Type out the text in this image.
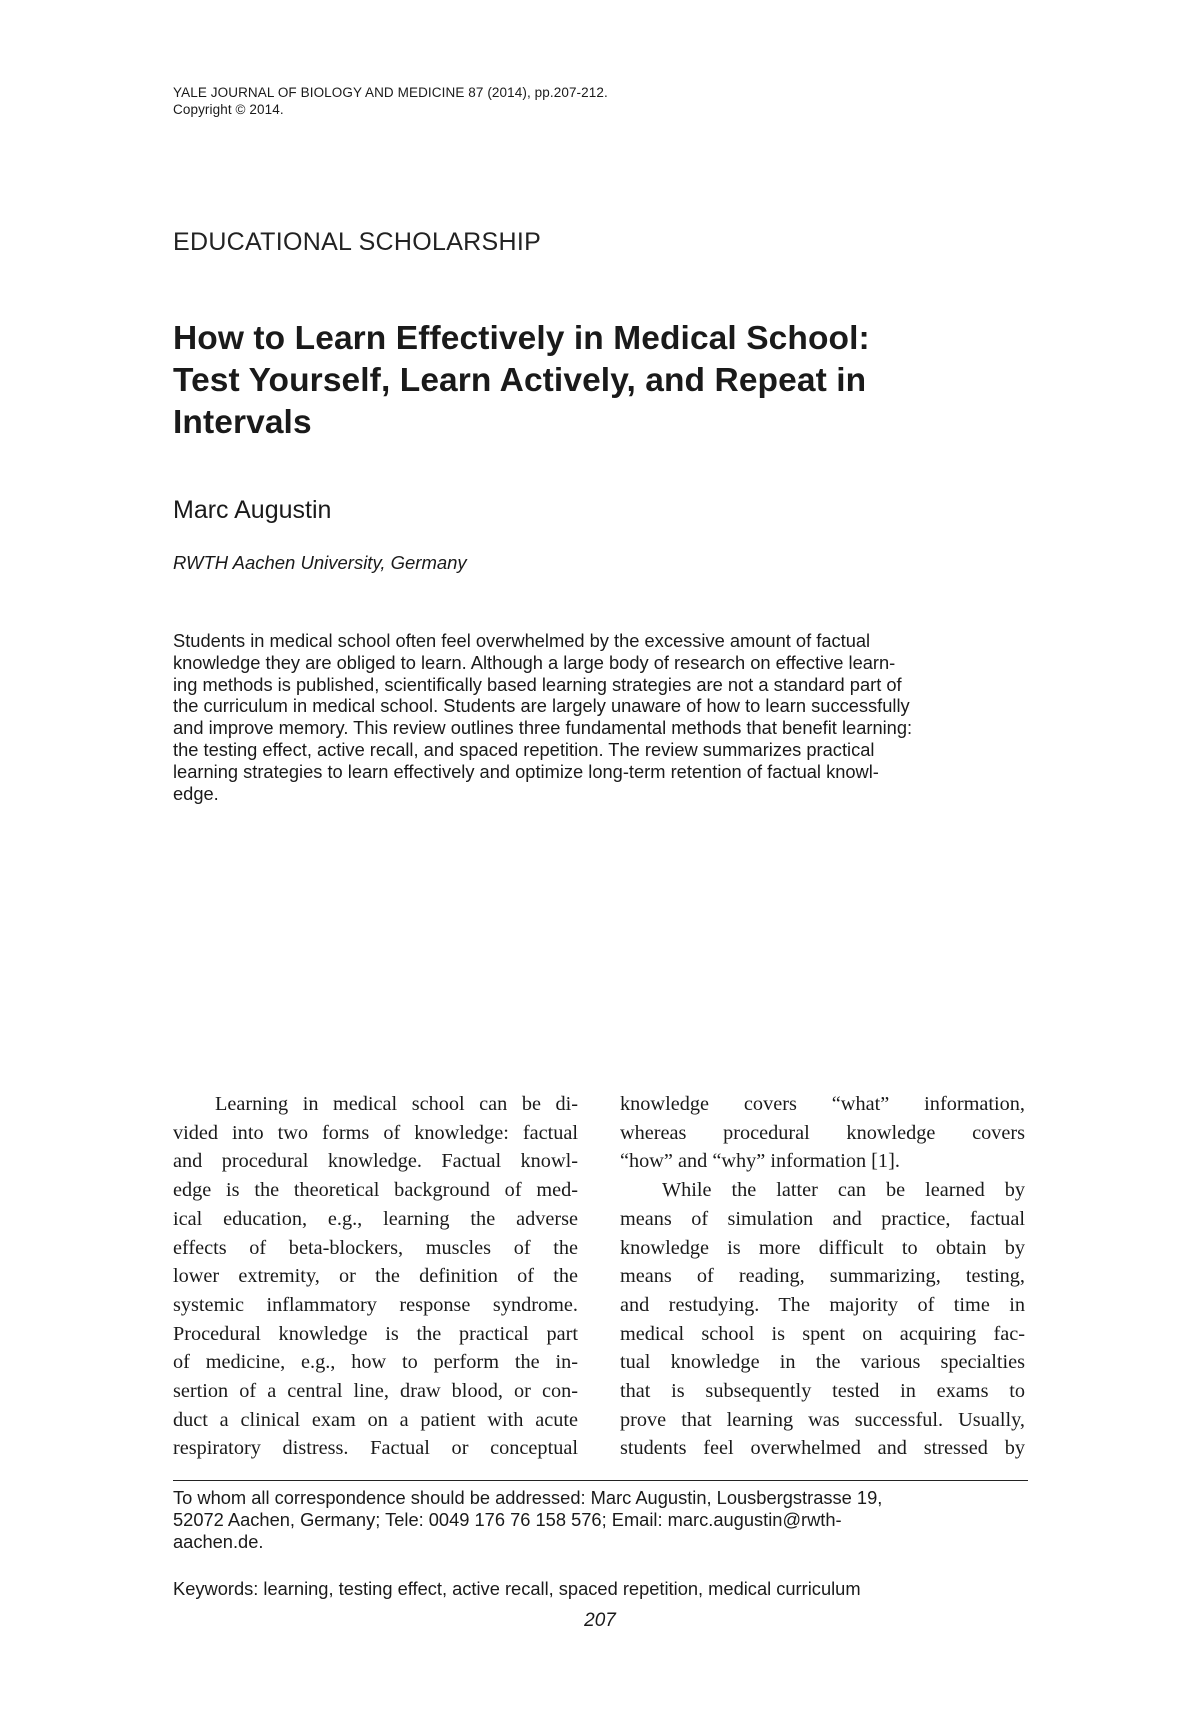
YALE JOURNAL OF BIOLOGY AND MEDICINE 87 (2014), pp.207-212.
Copyright © 2014.
EDUCATIONAL SCHOLARSHIP
How to Learn Effectively in Medical School:
Test Yourself, Learn Actively, and Repeat in
Intervals
Marc Augustin
RWTH Aachen University, Germany
Students in medical school often feel overwhelmed by the excessive amount of factual
knowledge they are obliged to learn. Although a large body of research on effective learn-
ing methods is published, scientifically based learning strategies are not a standard part of
the curriculum in medical school. Students are largely unaware of how to learn successfully
and improve memory. This review outlines three fundamental methods that benefit learning:
the testing effect, active recall, and spaced repetition. The review summarizes practical
learning strategies to learn effectively and optimize long-term retention of factual knowl-
edge.
Learning in medical school can be di-
vided into two forms of knowledge: factual
and procedural knowledge. Factual knowl-
edge is the theoretical background of med-
ical education, e.g., learning the adverse
effects of beta-blockers, muscles of the
lower extremity, or the definition of the
systemic inflammatory response syndrome.
Procedural knowledge is the practical part
of medicine, e.g., how to perform the in-
sertion of a central line, draw blood, or con-
duct a clinical exam on a patient with acute
respiratory distress. Factual or conceptual
knowledge covers “what” information,
whereas procedural knowledge covers
“how” and “why” information [1].
While the latter can be learned by
means of simulation and practice, factual
knowledge is more difficult to obtain by
means of reading, summarizing, testing,
and restudying. The majority of time in
medical school is spent on acquiring fac-
tual knowledge in the various specialties
that is subsequently tested in exams to
prove that learning was successful. Usually,
students feel overwhelmed and stressed by
To whom all correspondence should be addressed: Marc Augustin, Lousbergstrasse 19,
52072 Aachen, Germany; Tele: 0049 176 76 158 576; Email: marc.augustin@rwth-
aachen.de.
Keywords: learning, testing effect, active recall, spaced repetition, medical curriculum
207
